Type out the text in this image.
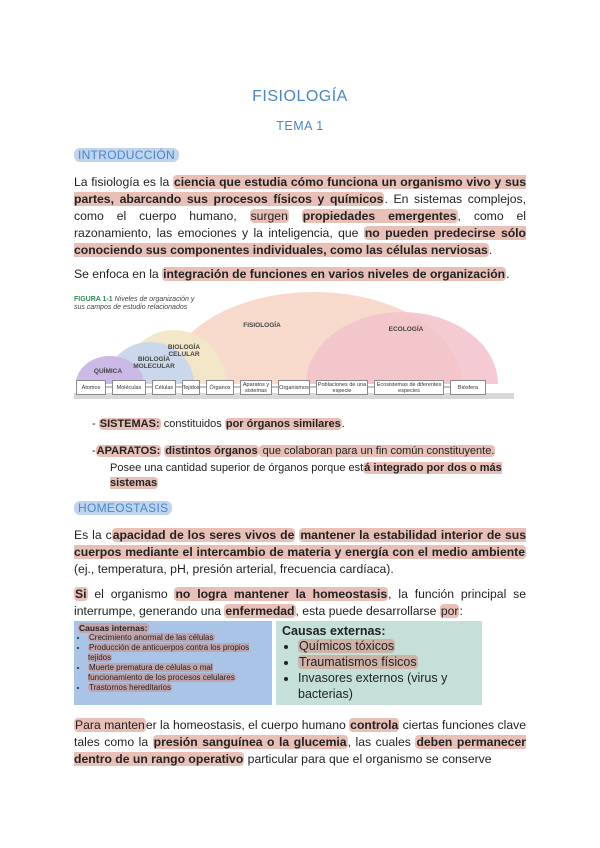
FISIOLOGÍA
TEMA 1
INTRODUCCIÓN

La fisiología es la ciencia que estudia cómo funciona un organismo vivo y sus partes, abarcando sus procesos físicos y químicos. En sistemas complejos, como el cuerpo humano, surgen propiedades emergentes, como el razonamiento, las emociones y la inteligencia, que no pueden predecirse sólo conociendo sus componentes individuales, como las células nerviosas.

Se enfoca en la integración de funciones en varios niveles de organización.

FIGURA 1-1 Niveles de organización y sus campos de estudio relacionados
FISIOLOGÍA
ECOLOGÍA
BIOLOGÍA CELULAR
BIOLOGÍA MOLECULAR
QUÍMICA
Átomos	Moléculas	Células	Tejidos	Órganos	Aparatos y sistemas	Organismos	Poblaciones de una especie
Ecosistemas de diferentes especies	Biósfera
- SISTEMAS: constituidos por órganos similares.
-APARATOS: distintos órganos que colaboran para un fin común constituyente.
Posee una cantidad superior de órganos porque está integrado por dos o más sistemas
HOMEOSTASIS

Es la capacidad de los seres vivos de mantener la estabilidad interior de sus cuerpos mediante el intercambio de materia y energía con el medio ambiente (ej., temperatura, pH, presión arterial, frecuencia cardíaca).

Si el organismo no logra mantener la homeostasis, la función principal se interrumpe, generando una enfermedad, esta puede desarrollarse por:

Causas internas:
• Crecimiento anormal de las células
• Producción de anticuerpos contra los propios tejidos
• Muerte prematura de células o mal funcionamiento de los procesos celulares
• Trastornos hereditarios
Causas externas:
• Químicos tóxicos
• Traumatismos físicos
• Invasores externos (virus y bacterias)

Para mantener la homeostasis, el cuerpo humano controla ciertas funciones clave tales como la presión sanguínea o la glucemia, las cuales deben permanecer dentro de un rango operativo particular para que el organismo se conserve
